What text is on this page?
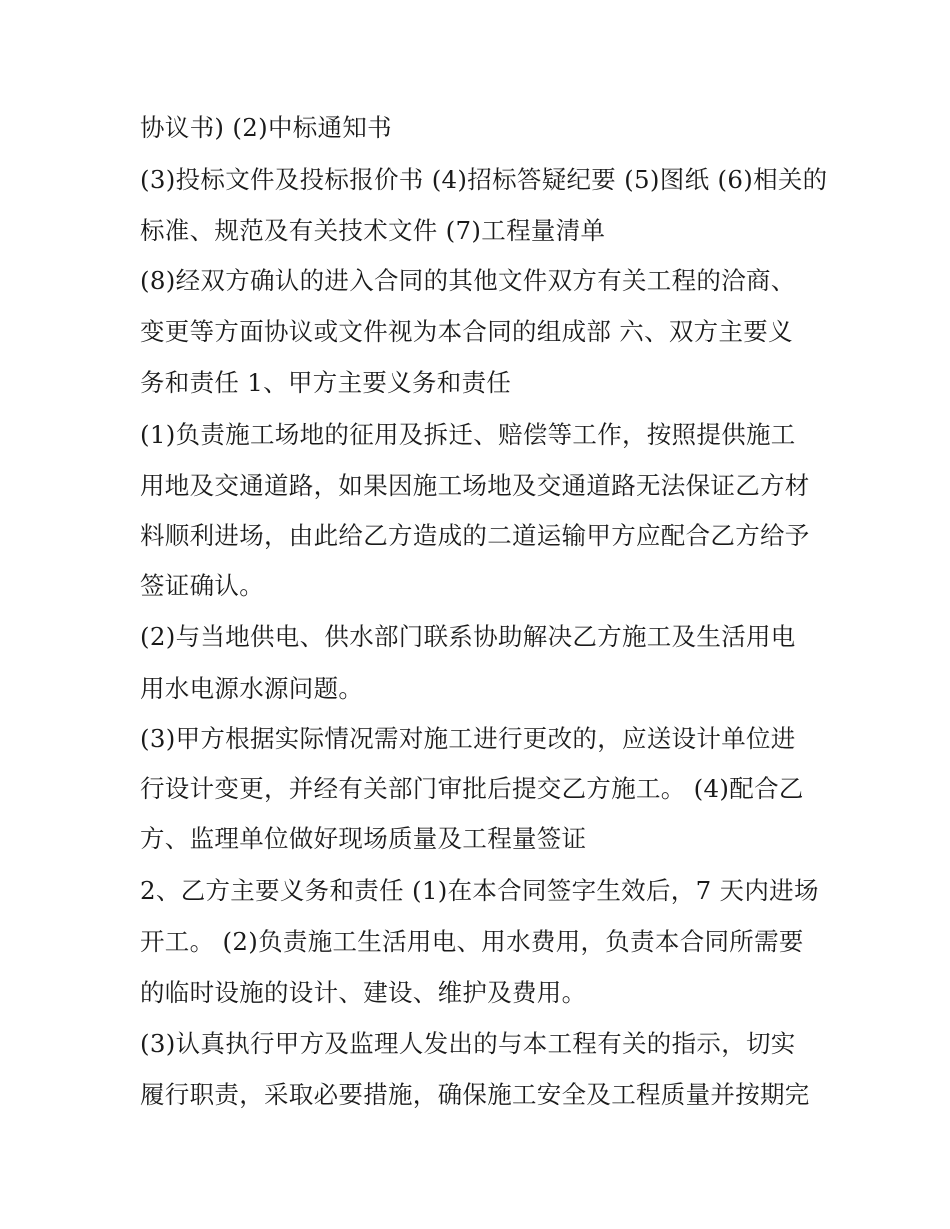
协议书) (2)中标通知书
(3)投标文件及投标报价书 (4)招标答疑纪要 (5)图纸 (6)相关的
标准、规范及有关技术文件 (7)工程量清单
(8)经双方确认的进入合同的其他文件双方有关工程的洽商、
变更等方面协议或文件视为本合同的组成部 六、双方主要义
务和责任 1、甲方主要义务和责任
(1)负责施工场地的征用及拆迁、赔偿等工作，按照提供施工
用地及交通道路，如果因施工场地及交通道路无法保证乙方材
料顺利进场，由此给乙方造成的二道运输甲方应配合乙方给予
签证确认。
(2)与当地供电、供水部门联系协助解决乙方施工及生活用电
用水电源水源问题。
(3)甲方根据实际情况需对施工进行更改的，应送设计单位进
行设计变更，并经有关部门审批后提交乙方施工。 (4)配合乙
方、监理单位做好现场质量及工程量签证
2、乙方主要义务和责任 (1)在本合同签字生效后，7 天内进场
开工。 (2)负责施工生活用电、用水费用，负责本合同所需要
的临时设施的设计、建设、维护及费用。
(3)认真执行甲方及监理人发出的与本工程有关的指示，切实
履行职责，采取必要措施，确保施工安全及工程质量并按期完
